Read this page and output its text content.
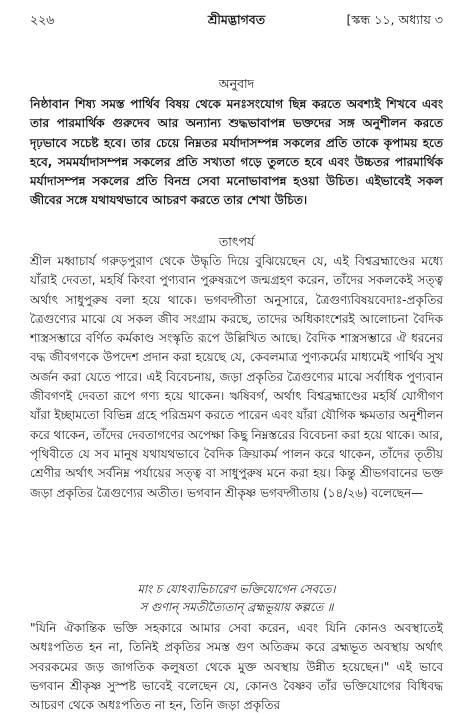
২২৬	শ্রীমদ্ভাগবত	[স্কন্ধ ১১, অধ্যায় ৩
অনুবাদ

নিষ্ঠাবান শিষ্য সমস্ত পার্থিব বিষয় থেকে মনঃসংযোগ ছিন্ন করতে অবশ্যই শিখবে এবং তার পারমার্থিক গুরুদেব আর অন্যান্য শুদ্ধভাবাপন্ন ভক্তদের সঙ্গ অনুশীলন করতে দৃঢ়ভাবে সচেষ্ট হবে। তার চেয়ে নিম্নতর মর্যাদাসম্পন্ন সকলের প্রতি তাকে কৃপাময় হতে হবে, সমমর্যাদাসম্পন্ন সকলের প্রতি সখ্যতা গড়ে তুলতে হবে এবং উচ্চতর পারমার্থিক মর্যাদাসম্পন্ন সকলের প্রতি বিনম্র সেবা মনোভাবাপন্ন হওয়া উচিত। এইভাবেই সকল জীবের সঙ্গে যথাযথভাবে আচরণ করতে তার শেখা উচিত।

তাৎপর্য

শ্রীল মধ্বাচার্য গরুড়পুরাণ থেকে উদ্ধৃতি দিয়ে বুঝিয়েছেন যে, এই বিশ্বব্রহ্মাণ্ডের মধ্যে যাঁরাই দেবতা, মহর্ষি কিংবা পুণ্যবান পুরুষরূপে জন্মগ্রহণ করেন, তাঁদের সকলকেই সত্ত্ব অর্থাৎ সাধুপুরুষ বলা হয়ে থাকে। ভগবদ্গীতা অনুসারে, ত্রৈগুণ্যবিষয়বেদাঃ-প্রকৃতির ত্রৈগুণ্যের মাঝে যে সকল জীব সংগ্রাম করছে, তাদের অধিকাংশেরই আলোচনা বৈদিক শাস্ত্রসম্ভারে বর্ণিত কর্মকাণ্ড সংস্কৃতি রূপে উল্লিখিত আছে। বৈদিক শাস্ত্রসম্ভারে ঐ ধরনের বদ্ধ জীবগণকে উপদেশ প্রদান করা হয়েছে যে, কেবলমাত্র পুণ্যকর্মের মাধ্যমেই পার্থিব সুখ অর্জন করা যেতে পারে। এই বিবেচনায়, জড়া প্রকৃতির ত্রৈগুণ্যের মাঝে সর্বাধিক পুণ্যবান জীবগণই দেবতা রূপে গণ্য হয়ে থাকেন। ঋষিবর্গ, অর্থাৎ বিশ্বব্রহ্মাণ্ডের মহর্ষি যোগীগণ যাঁরা ইচ্ছামতো বিভিন্ন গ্রহে পরিভ্রমণ করতে পারেন এবং যাঁরা যৌগিক ক্ষমতার অনুশীলন করে থাকেন, তাঁদের দেবতাগণের অপেক্ষা কিছু নিম্নস্তরের বিবেচনা করা হয়ে থাকে। আর, পৃথিবীতে যে সব মানুষ যথাযথভাবে বৈদিক ক্রিয়াকর্ম পালন করে থাকেন, তাঁদের তৃতীয় শ্রেণীর অর্থাৎ সর্বনিম্ন পর্যায়ের সত্ত্ব বা সাধুপুরুষ মনে করা হয়। কিন্তু শ্রীভগবানের ভক্ত জড়া প্রকৃতির ত্রৈগুণ্যের অতীত। ভগবান শ্রীকৃষ্ণ ভগবদ্গীতায় (১৪/২৬) বলেছেন—

মাং চ যোঽব্যভিচারেণ ভক্তিযোগেন সেবতে।
স গুণান্ সমতীত্যৈতান্ ব্রহ্মভূয়ায় কল্পতে ॥

"যিনি ঐকান্তিক ভক্তি সহকারে আমার সেবা করেন, এবং যিনি কোনও অবস্থাতেই অধঃপতিত হন না, তিনিই প্রকৃতির সমস্ত গুণ অতিক্রম করে ব্রহ্মভূত অবস্থায় অর্থাৎ সবরকমের জড় জাগতিক কলুষতা থেকে মুক্ত অবস্থায় উন্নীত হয়েছেন।" এই ভাবে ভগবান শ্রীকৃষ্ণ সুস্পষ্ট ভাবেই বলেছেন যে, কোনও বৈষ্ণব তাঁর ভক্তিযোগের বিধিবদ্ধ আচরণ থেকে অধঃপতিত না হন, তিনি জড়া প্রকৃতির
